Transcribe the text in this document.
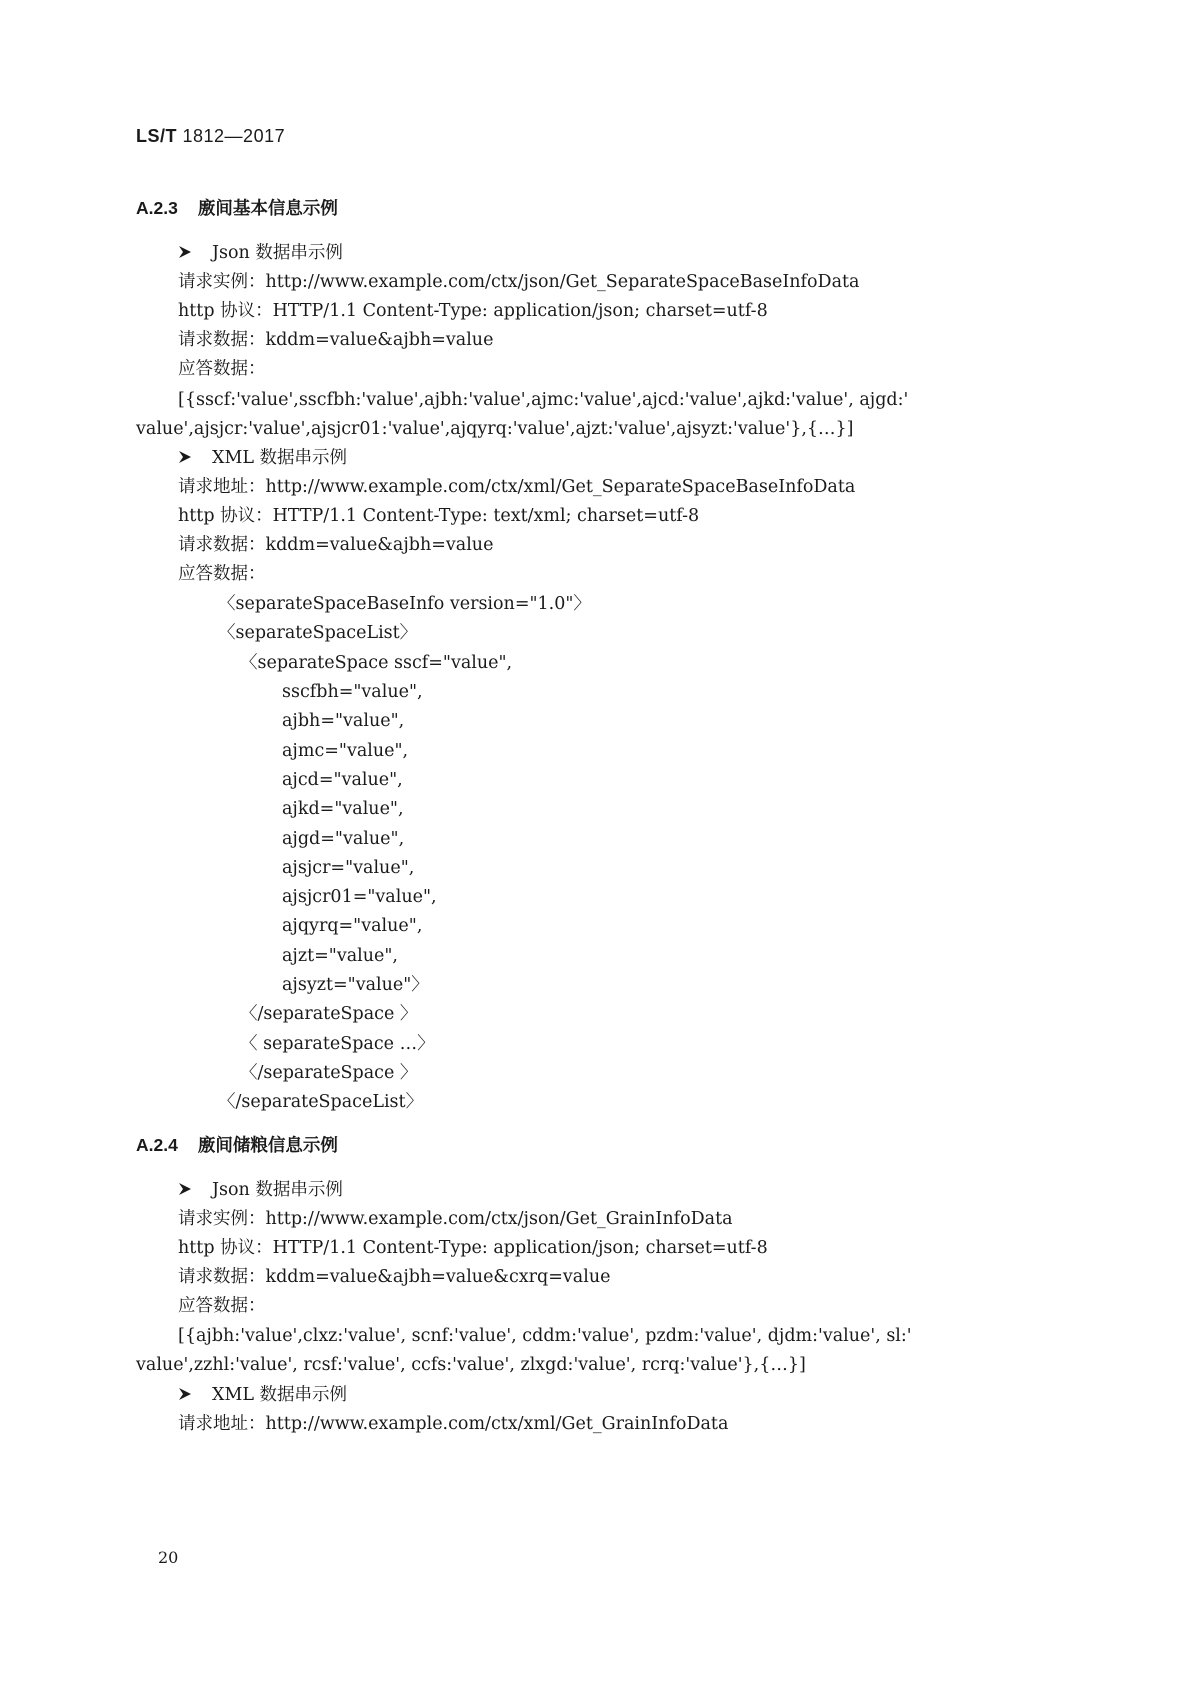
LS/T 1812—2017
A.2.3 廒间基本信息示例
Json 数据串示例
请求实例：http://www.example.com/ctx/json/Get_SeparateSpaceBaseInfoData
http 协议：HTTP/1.1 Content-Type: application/json; charset=utf-8
请求数据：kddm=value&ajbh=value
应答数据：
[{sscf:'value',sscfbh:'value',ajbh:'value',ajmc:'value',ajcd:'value',ajkd:'value', ajgd:'
value',ajsjcr:'value',ajsjcr01:'value',ajqyrq:'value',ajzt:'value',ajsyzt:'value'},{…}]
XML 数据串示例
请求地址：http://www.example.com/ctx/xml/Get_SeparateSpaceBaseInfoData
http 协议：HTTP/1.1 Content-Type: text/xml; charset=utf-8
请求数据：kddm=value&ajbh=value
应答数据：
〈separateSpaceBaseInfo version="1.0"〉
〈separateSpaceList〉
〈separateSpace sscf="value",
sscfbh="value",
ajbh="value",
ajmc="value",
ajcd="value",
ajkd="value",
ajgd="value",
ajsjcr="value",
ajsjcr01="value",
ajqyrq="value",
ajzt="value",
ajsyzt="value"〉
〈/separateSpace 〉
〈 separateSpace …〉
〈/separateSpace 〉
〈/separateSpaceList〉
A.2.4 廒间储粮信息示例
Json 数据串示例
请求实例：http://www.example.com/ctx/json/Get_GrainInfoData
http 协议：HTTP/1.1 Content-Type: application/json; charset=utf-8
请求数据：kddm=value&ajbh=value&cxrq=value
应答数据：
[{ajbh:'value',clxz:'value', scnf:'value', cddm:'value', pzdm:'value', djdm:'value', sl:'
value',zzhl:'value', rcsf:'value', ccfs:'value', zlxgd:'value', rcrq:'value'},{…}]
XML 数据串示例
请求地址：http://www.example.com/ctx/xml/Get_GrainInfoData
20
